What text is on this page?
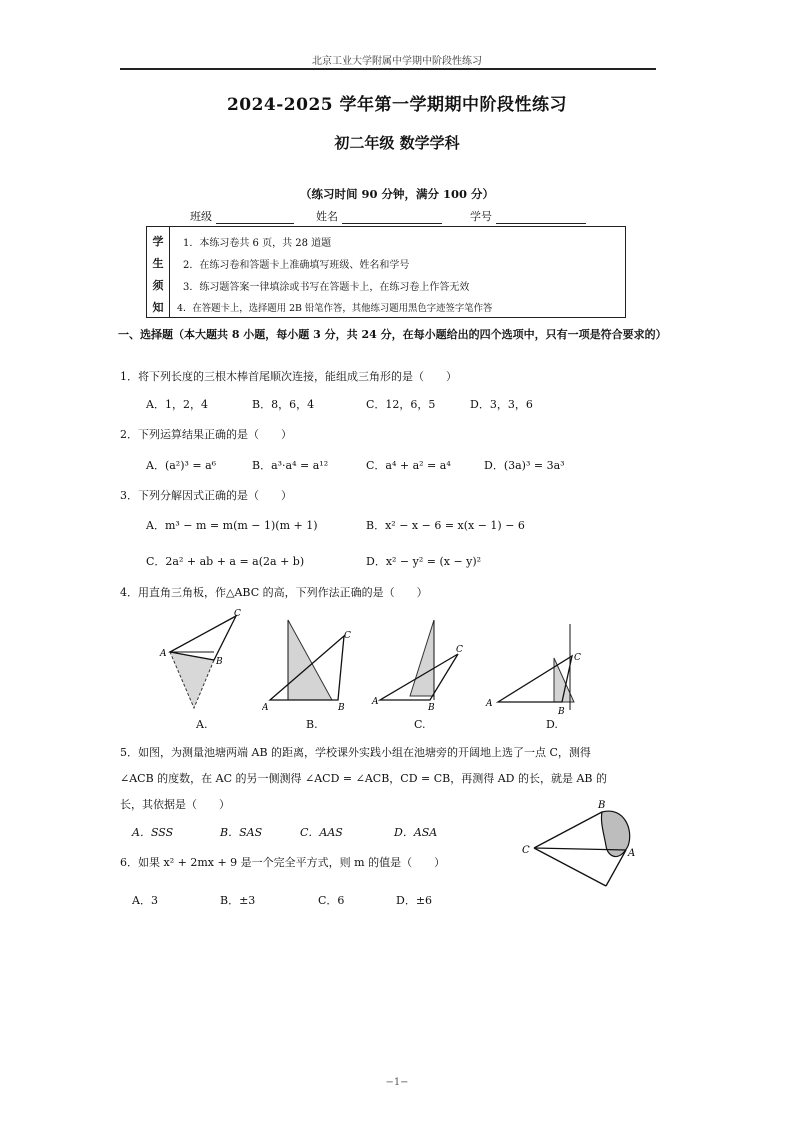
北京工业大学附属中学期中阶段性练习
2024-2025 学年第一学期期中阶段性练习
初二年级 数学学科
（练习时间 90 分钟，满分 100 分）
班级	姓名	学号
学
生
须
知
1．本练习卷共 6 页，共 28 道题
2．在练习卷和答题卡上准确填写班级、姓名和学号
3．练习题答案一律填涂或书写在答题卡上，在练习卷上作答无效
4．在答题卡上，选择题用 2B 铅笔作答，其他练习题用黑色字迹签字笔作答
一、选择题（本大题共 8 小题，每小题 3 分，共 24 分，在每小题给出的四个选项中，只有一项是符合要求的）
1．将下列长度的三根木棒首尾顺次连接，能组成三角形的是（　　）
A．1，2，4	B．8，6，4	C．12，6，5	D．3，3，6
2．下列运算结果正确的是（　　）
A．(a²)³ = a⁶	B．a³·a⁴ = a¹²	C．a⁴ + a² = a⁴	D．(3a)³ = 3a³
3．下列分解因式正确的是（　　）
A．m³ − m = m(m − 1)(m + 1)	B．x² − x − 6 = x(x − 1) − 6
C．2a² + ab + a = a(2a + b)	D．x² − y² = (x − y)²
4．用直角三角板，作△ABC 的高，下列作法正确的是（　　）
A
B
C
A.
A	B
C
B.
A
B
C
C.
A
B
C
D.
5．如图，为测量池塘两端 AB 的距离，学校课外实践小组在池塘旁的开阔地上选了一点 C，测得
∠ACB 的度数，在 AC 的另一侧测得 ∠ACD = ∠ACB，CD = CB，再测得 AD 的长，就是 AB 的
长，其依据是（　　）
A．SSS	B．SAS	C．AAS	D．ASA
C
B
A
6．如果 x² + 2mx + 9 是一个完全平方式，则 m 的值是（　　）
A．3	B．±3	C．6	D．±6
−1−
